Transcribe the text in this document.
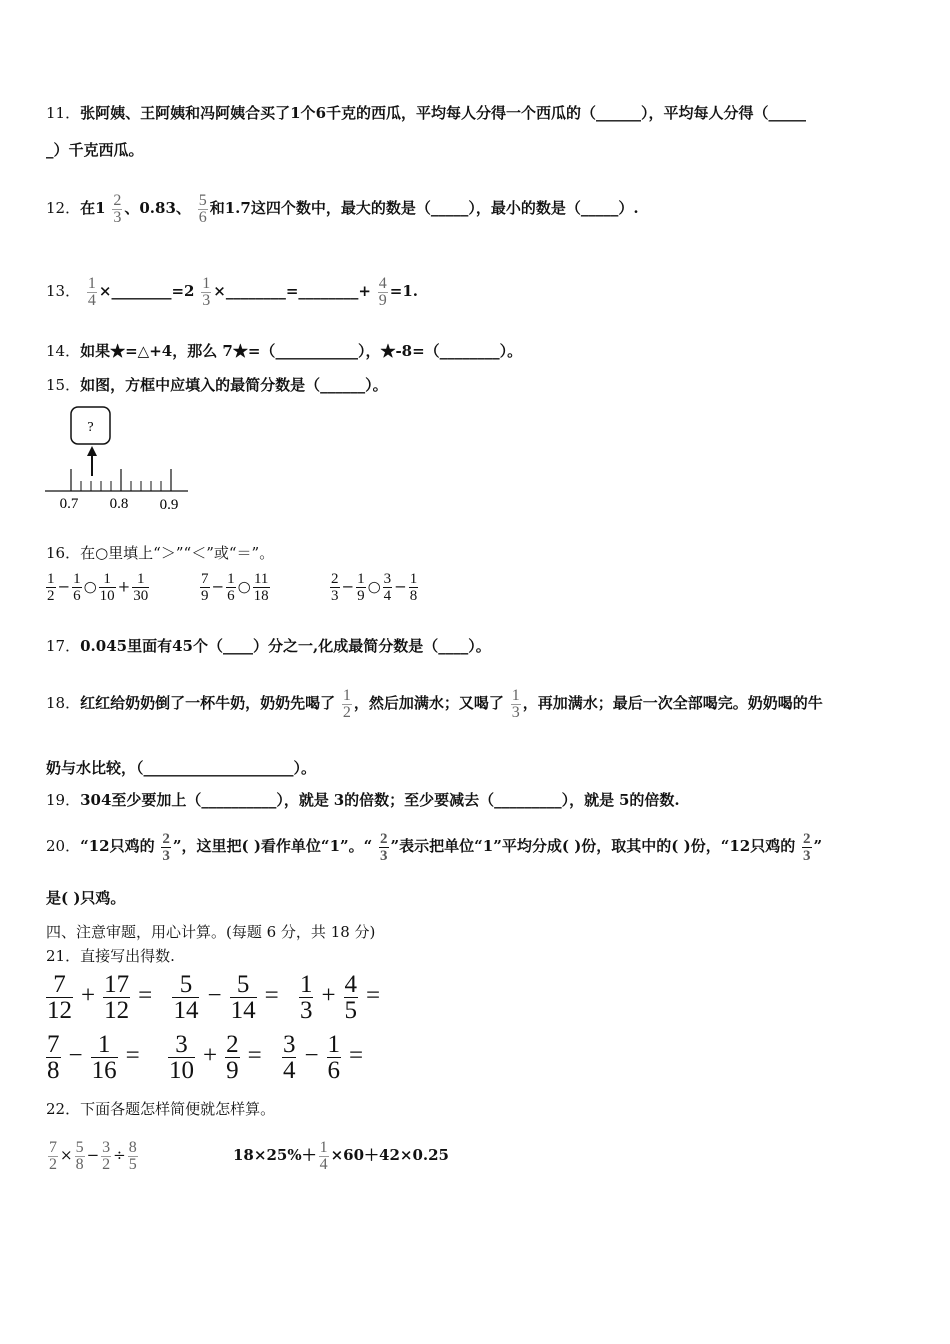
11．张阿姨、王阿姨和冯阿姨合买了1个6千克的西瓜，平均每人分得一个西瓜的（______），平均每人分得（_____
_）千克西瓜。
12．在$1 \frac{2}{3}$ 、0.83、 $\frac{5}{6}$ 和1.7这四个数中，最大的数是（_____），最小的数是（_____）.
13． $\frac{1}{4}$ ×________=2 $\frac{1}{3}$ ×________=________+ $\frac{4}{9} =1$.
14．如果★=△+4，那么 7★=（___________），★-8=（________）。
15．如图，方框中应填入的最简分数是（______）。
?
0.7 0.8 0.9
16．在○里填上“＞”“＜”或“＝”。
$\frac{1}{2} - \frac{1}{6}$ ○ $\frac{1}{10} + \frac{1}{30}$	$\frac{7}{9} - \frac{1}{6}$ ○ $\frac{11}{18}$	$\frac{2}{3} - \frac{1}{9}$ ○ $\frac{3}{4} - \frac{1}{8}$
17．0.045里面有45个（____）分之一,化成最简分数是（____）。
18．红红给奶奶倒了一杯牛奶，奶奶先喝了 $\frac{1}{2}$ ，然后加满水；又喝了 $\frac{1}{3}$ ，再加满水；最后一次全部喝完。奶奶喝的牛
奶与水比较，（____________________）。
19．304至少要加上（__________），就是 3的倍数；至少要减去（_________），就是 5的倍数.
20．“12只鸡的 $\frac{2}{3}$ ”，这里把( )看作单位“1”。“ $\frac{2}{3}$ ”表示把单位“1”平均分成( )份，取其中的( )份，“12只鸡的 $\frac{2}{3}$ ”
是( )只鸡。
四、注意审题，用心计算。(每题 6 分，共 18 分)
21．直接写出得数.
$\frac{7}{12} + \frac{17}{12} = \frac{5}{14} - \frac{5}{14} = \frac{1}{3} + \frac{4}{5}$ =
$\frac{7}{8} - \frac{1}{16} = \frac{3}{10} + \frac{2}{9} = \frac{3}{4} - \frac{1}{6}$ =
22．下面各题怎样简便就怎样算。
$\frac{7}{2} \times \frac{5}{8} - \frac{3}{2} \div \frac{8}{5}$	$18\times 25\%+ \frac{1}{4} \times 60+42\times 0.25$
